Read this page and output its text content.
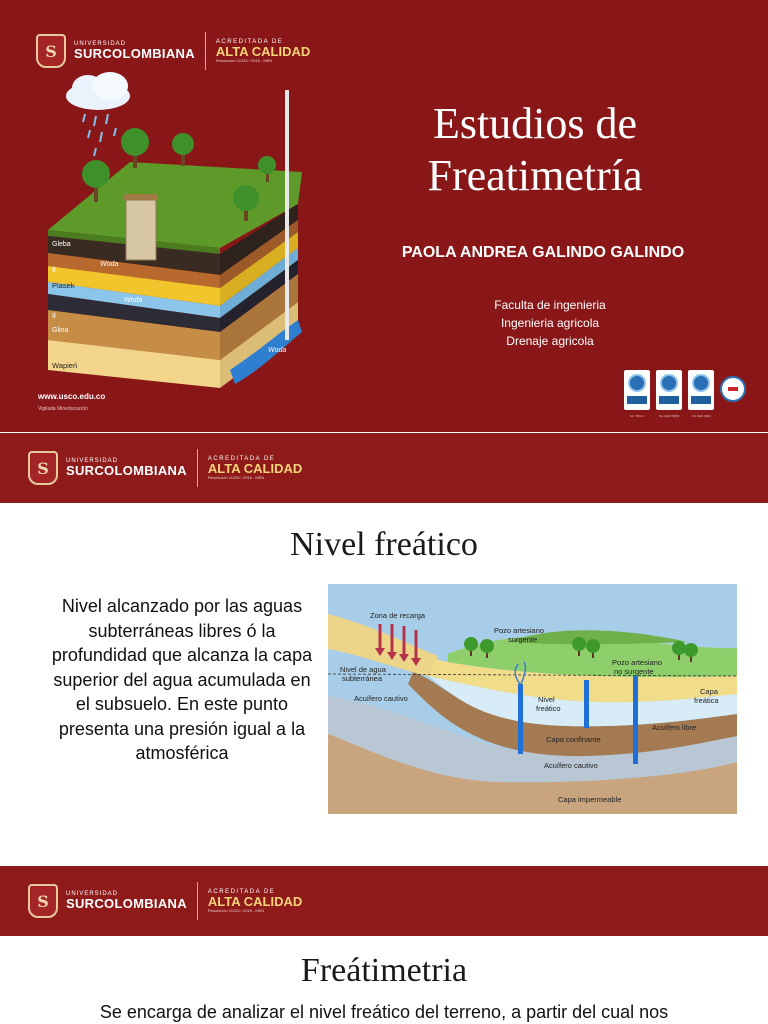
S	UNIVERSIDAD
SURCOLOMBIANA
ACREDITADA DE
ALTA CALIDAD
Resolución 11233 / 2016 - MEN
Gleba
Ił
Piasek
Ił
Glina
Wapień
Woda
Woda
Woda
Estudios de Freatimetría
PAOLA ANDREA GALINDO GALINDO
Faculta de ingenieria
Ingenieria agricola
Drenaje agricola
www.usco.edu.co
Vigilada Mineducación
SC 7384-1	SA-CER 39958	OS-CER 9999
S	UNIVERSIDAD
SURCOLOMBIANA
ACREDITADA DE
ALTA CALIDAD
Resolución 11233 / 2016 - MEN
Nivel freático
Nivel alcanzado por las aguas subterráneas libres ó la profundidad que alcanza la capa superior del agua acumulada en el subsuelo. En este punto presenta una presión igual a la atmosférica
Zona de recarga
Nivel de agua
subterránea
Pozo artesiano
surgente
Pozo artesiano
no surgente
Capa
freática
Acuífero cautivo	Nivel
freático
Acuífero libre
Capa confinante
Acuífero cautivo
Capa impermeable
S	UNIVERSIDAD
SURCOLOMBIANA
ACREDITADA DE
ALTA CALIDAD
Resolución 11233 / 2016 - MEN
Freátimetria
Se encarga de analizar el nivel freático del terreno, a partir del cual nos
